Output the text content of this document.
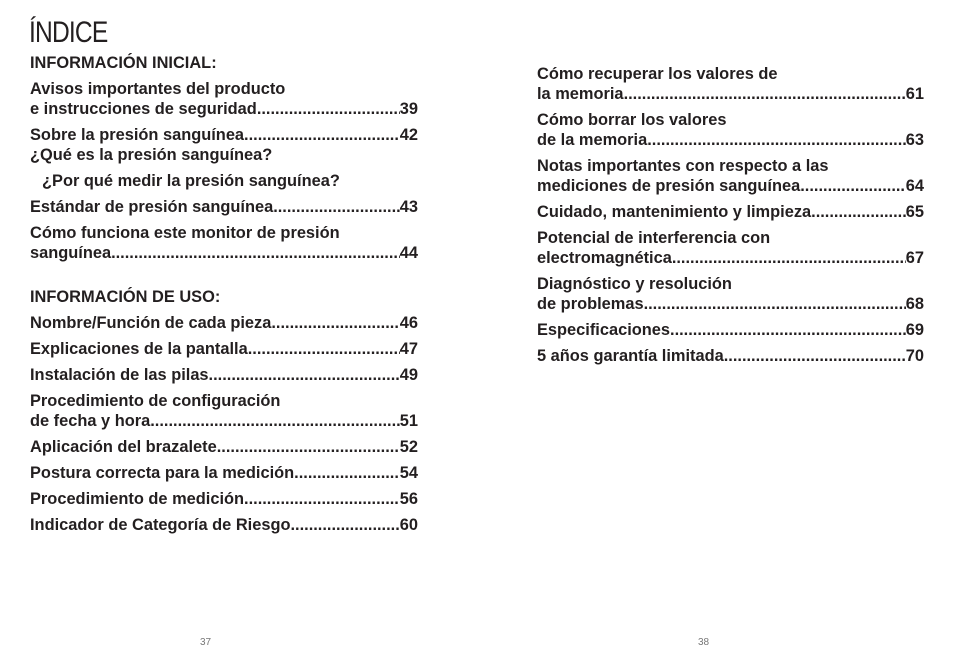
ÍNDICE
INFORMACIÓN INICIAL:
Avisos importantes del producto
e instrucciones de seguridad .....	39
Sobre la presión sanguínea .....	42
¿Qué es la presión sanguínea?
¿Por qué medir la presión sanguínea?
Estándar de presión sanguínea .....	43
Cómo funciona este monitor de presión
sanguínea .....	44
INFORMACIÓN DE USO:
Nombre/Función de cada pieza .....	46
Explicaciones de la pantalla .....	47
Instalación de las pilas .....	49
Procedimiento de configuración
de fecha y hora .....	51
Aplicación del brazalete .....	52
Postura correcta para la medición .....	54
Procedimiento de medición .....	56
Indicador de Categoría de Riesgo .....	60
Cómo recuperar los valores de
la memoria .....	61
Cómo borrar los valores
de la memoria .....	63
Notas importantes con respecto a las
mediciones de presión sanguínea .....	64
Cuidado, mantenimiento y limpieza .....	65
Potencial de interferencia con
electromagnética .....	67
Diagnóstico y resolución
de problemas .....	68
Especificaciones .....	69
5 años garantía limitada .....	70
37	38
